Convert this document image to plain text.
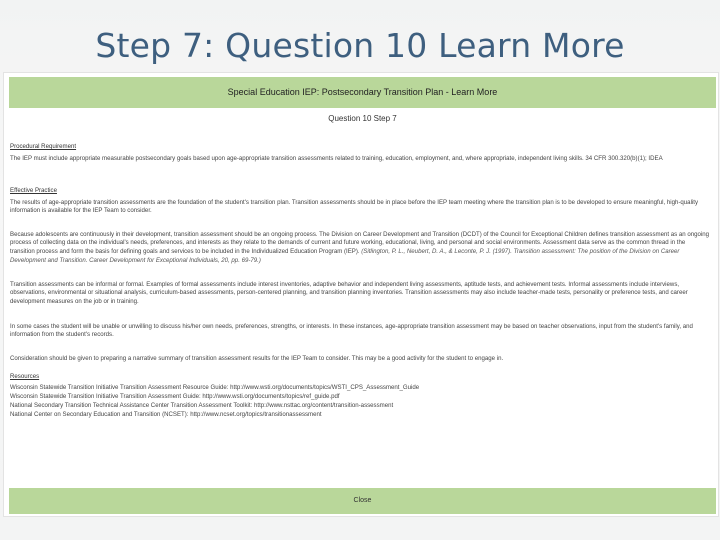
Step 7: Question 10 Learn More
Special Education IEP: Postsecondary Transition Plan - Learn More
Question 10 Step 7
Procedural Requirement
The IEP must include appropriate measurable postsecondary goals based upon age-appropriate transition assessments related to training, education, employment, and, where appropriate, independent living skills. 34 CFR 300.320(b)(1); IDEA
Effective Practice
The results of age-appropriate transition assessments are the foundation of the student's transition plan. Transition assessments should be in place before the IEP team meeting where the transition plan is to be developed to ensure meaningful, high-quality information is available for the IEP Team to consider.
Because adolescents are continuously in their development, transition assessment should be an ongoing process. The Division on Career Development and Transition (DCDT) of the Council for Exceptional Children defines transition assessment as an ongoing process of collecting data on the individual's needs, preferences, and interests as they relate to the demands of current and future working, educational, living, and personal and social environments. Assessment data serve as the common thread in the transition process and form the basis for defining goals and services to be included in the Individualized Education Program (IEP). (Sitlington, P. L., Neubert, D. A., & Leconte, P. J. (1997). Transition assessment: The position of the Division on Career Development and Transition. Career Development for Exceptional Individuals, 20, pp. 69-79.)
Transition assessments can be informal or formal. Examples of formal assessments include interest inventories, adaptive behavior and independent living assessments, aptitude tests, and achievement tests. Informal assessments include interviews, observations, environmental or situational analysis, curriculum-based assessments, person-centered planning, and transition planning inventories. Transition assessments may also include teacher-made tests, personality or preference tests, and career development measures on the job or in training.
In some cases the student will be unable or unwilling to discuss his/her own needs, preferences, strengths, or interests. In these instances, age-appropriate transition assessment may be based on teacher observations, input from the student's family, and information from the student's records.
Consideration should be given to preparing a narrative summary of transition assessment results for the IEP Team to consider. This may be a good activity for the student to engage in.
Resources
Wisconsin Statewide Transition Initiative Transition Assessment Resource Guide: http://www.wsti.org/documents/topics/WSTI_CPS_Assessment_Guide
Wisconsin Statewide Transition Initiative Transition Assessment Guide: http://www.wsti.org/documents/topics/ref_guide.pdf
National Secondary Transition Technical Assistance Center Transition Assessment Toolkit: http://www.nsttac.org/content/transition-assessment
National Center on Secondary Education and Transition (NCSET): http://www.ncset.org/topics/transitionassessment
Close
